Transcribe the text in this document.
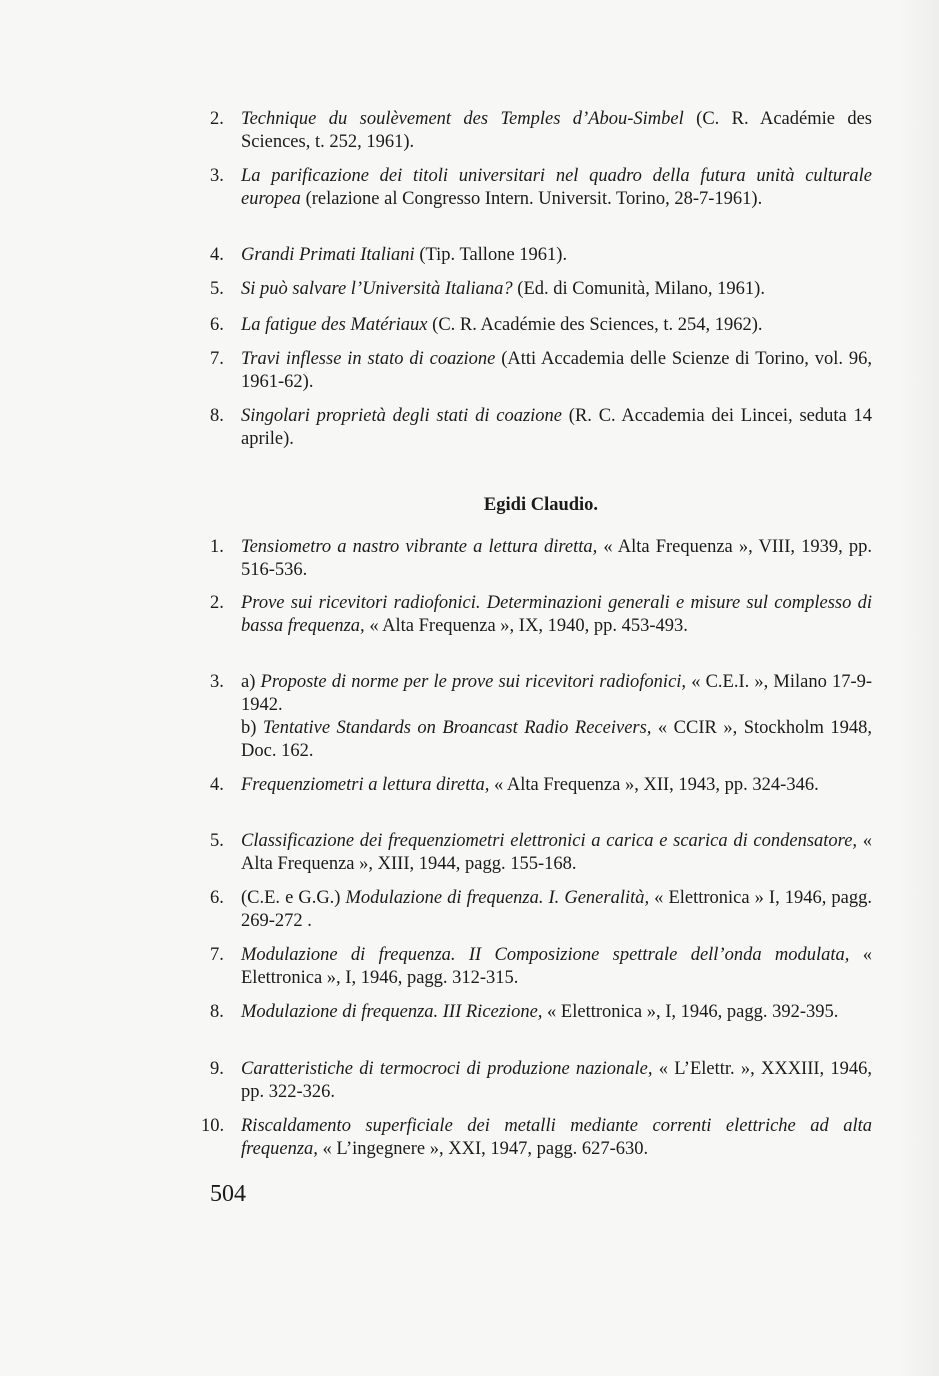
2. Technique du soulèvement des Temples d’Abou-Simbel (C. R. Académie des Sciences, t. 252, 1961).
3. La parificazione dei titoli universitari nel quadro della futura unità culturale europea (relazione al Congresso Intern. Universit. Torino, 28-7-1961).
4. Grandi Primati Italiani (Tip. Tallone 1961).
5. Si può salvare l’Università Italiana? (Ed. di Comunità, Milano, 1961).
6. La fatigue des Matériaux (C. R. Académie des Sciences, t. 254, 1962).
7. Travi inflesse in stato di coazione (Atti Accademia delle Scienze di Torino, vol. 96, 1961-62).
8. Singolari proprietà degli stati di coazione (R. C. Accademia dei Lincei, seduta 14 aprile).
Egidi Claudio.
1. Tensiometro a nastro vibrante a lettura diretta, « Alta Frequenza », VIII, 1939, pp. 516-536.
2. Prove sui ricevitori radiofonici. Determinazioni generali e misure sul complesso di bassa frequenza, « Alta Frequenza », IX, 1940, pp. 453-493.
3. a) Proposte di norme per le prove sui ricevitori radiofonici, « C.E.I. », Milano 17-9-1942.
b) Tentative Standards on Broancast Radio Receivers, « CCIR », Stockholm 1948, Doc. 162.
4. Frequenziometri a lettura diretta, « Alta Frequenza », XII, 1943, pp. 324-346.
5. Classificazione dei frequenziometri elettronici a carica e scarica di condensatore, « Alta Frequenza », XIII, 1944, pagg. 155-168.
6. (C.E. e G.G.) Modulazione di frequenza. I. Generalità, « Elettronica » I, 1946, pagg. 269-272 .
7. Modulazione di frequenza. II Composizione spettrale dell’onda modulata, « Elettronica », I, 1946, pagg. 312-315.
8. Modulazione di frequenza. III Ricezione, « Elettronica », I, 1946, pagg. 392-395.
9. Caratteristiche di termocroci di produzione nazionale, « L’Elettr. », XXXIII, 1946, pp. 322-326.
10. Riscaldamento superficiale dei metalli mediante correnti elettriche ad alta frequenza, « L’ingegnere », XXI, 1947, pagg. 627-630.
504
